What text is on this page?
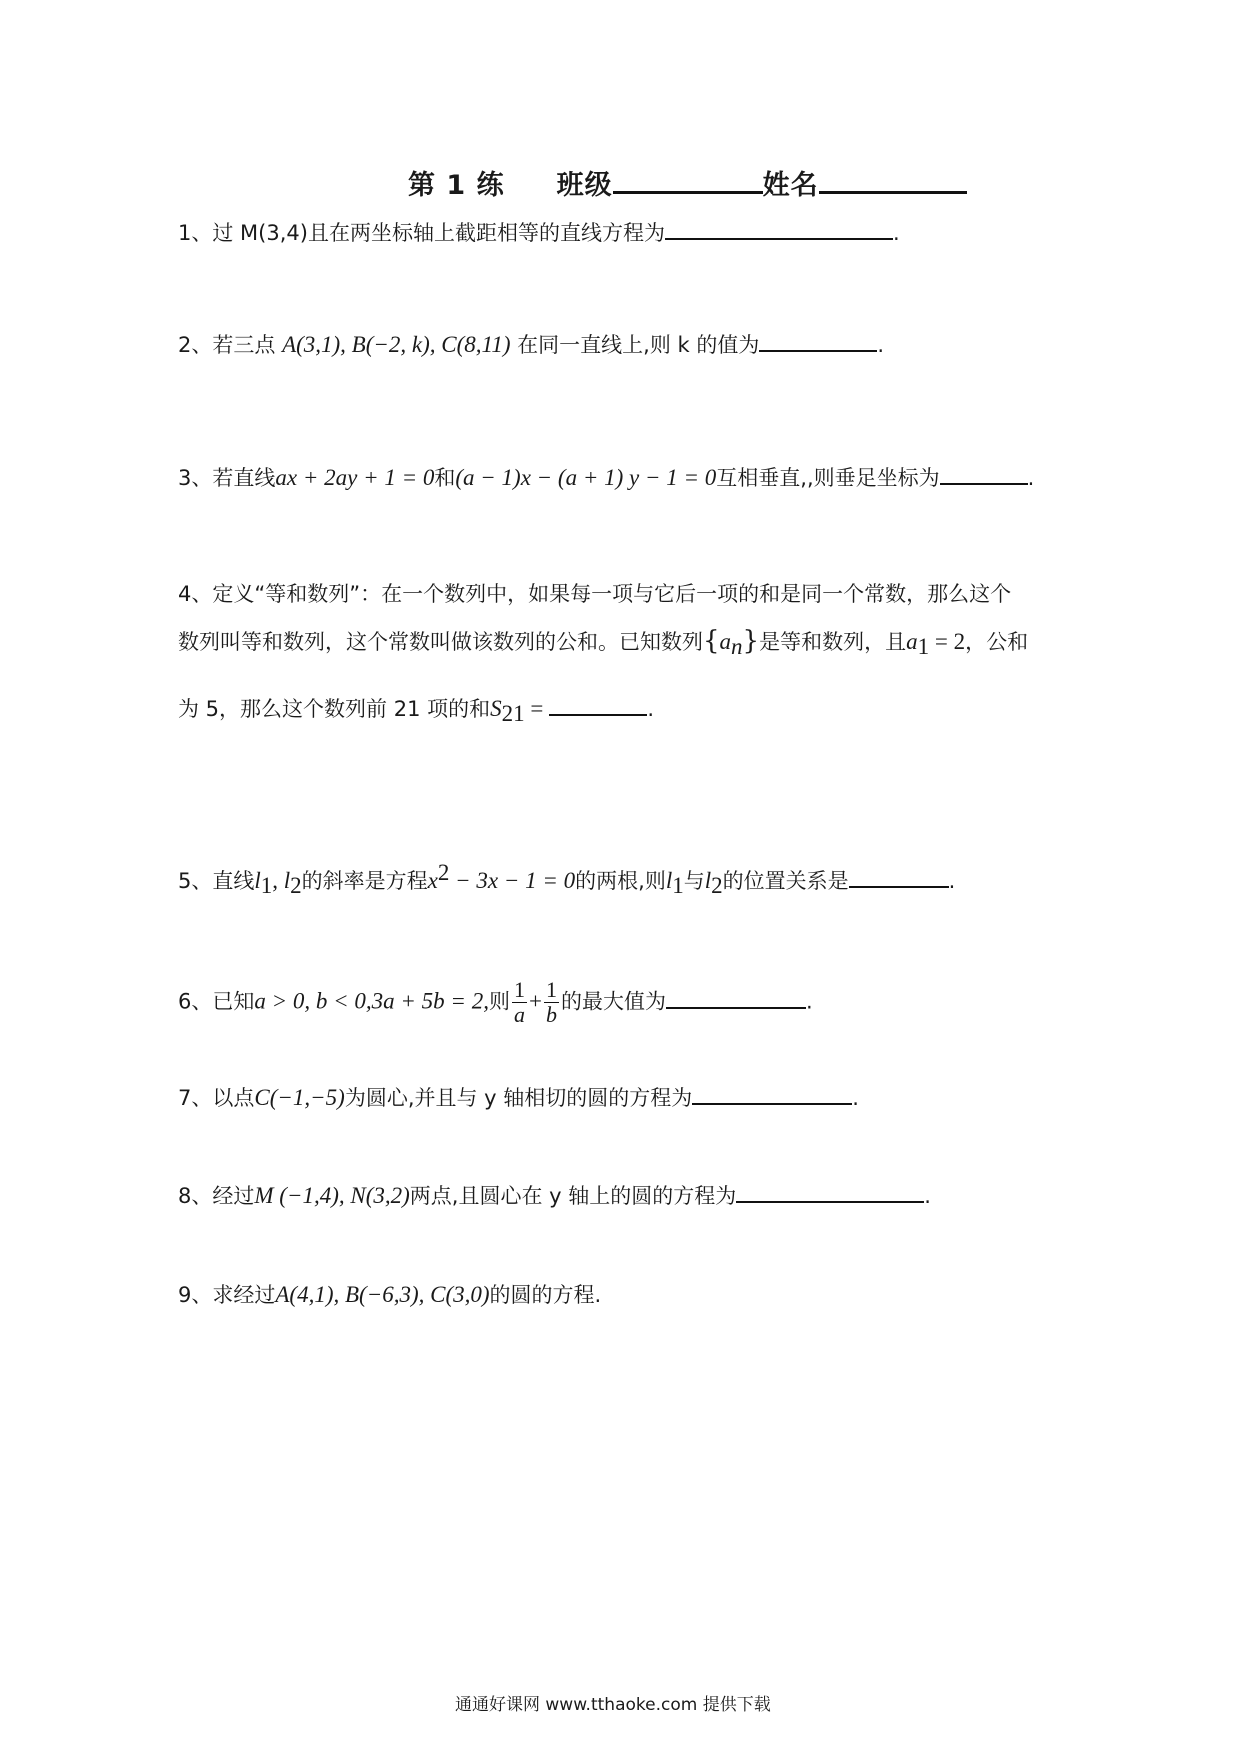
第 1 练 班级	姓名
1、过 M(3,4)且在两坐标轴上截距相等的直线方程为	.
2、若三点 A(3,1), B(−2, k), C(8,11) 在同一直线上,则 k 的值为	.
3、若直线ax + 2ay + 1 = 0和(a − 1)x − (a + 1) y − 1 = 0互相垂直,,则垂足坐标为	.
4、定义“等和数列”：在一个数列中，如果每一项与它后一项的和是同一个常数，那么这个
数列叫等和数列，这个常数叫做该数列的公和。已知数列$\{a_n\}$是等和数列，且$a_1 = 2$，公和
为 5，那么这个数列前 21 项的和$S_{21}$ =	.
5、直线$l_1$, $l_2$的斜率是方程$x^2 - 3x - 1 = 0$的两根,则$l_1$与$l_2$的位置关系是	.
6、已知a > 0, b < 0,3a + 5b = 2,则 $\frac{1}{a} + \frac{1}{b}$ 的最大值为	.
7、以点C(−1,−5)为圆心,并且与 y 轴相切的圆的方程为	.
8、经过M (−1,4), N(3,2)两点,且圆心在 y 轴上的圆的方程为	.
9、求经过A(4,1), B(−6,3), C(3,0)的圆的方程.
通通好课网 www.tthaoke.com 提供下载
